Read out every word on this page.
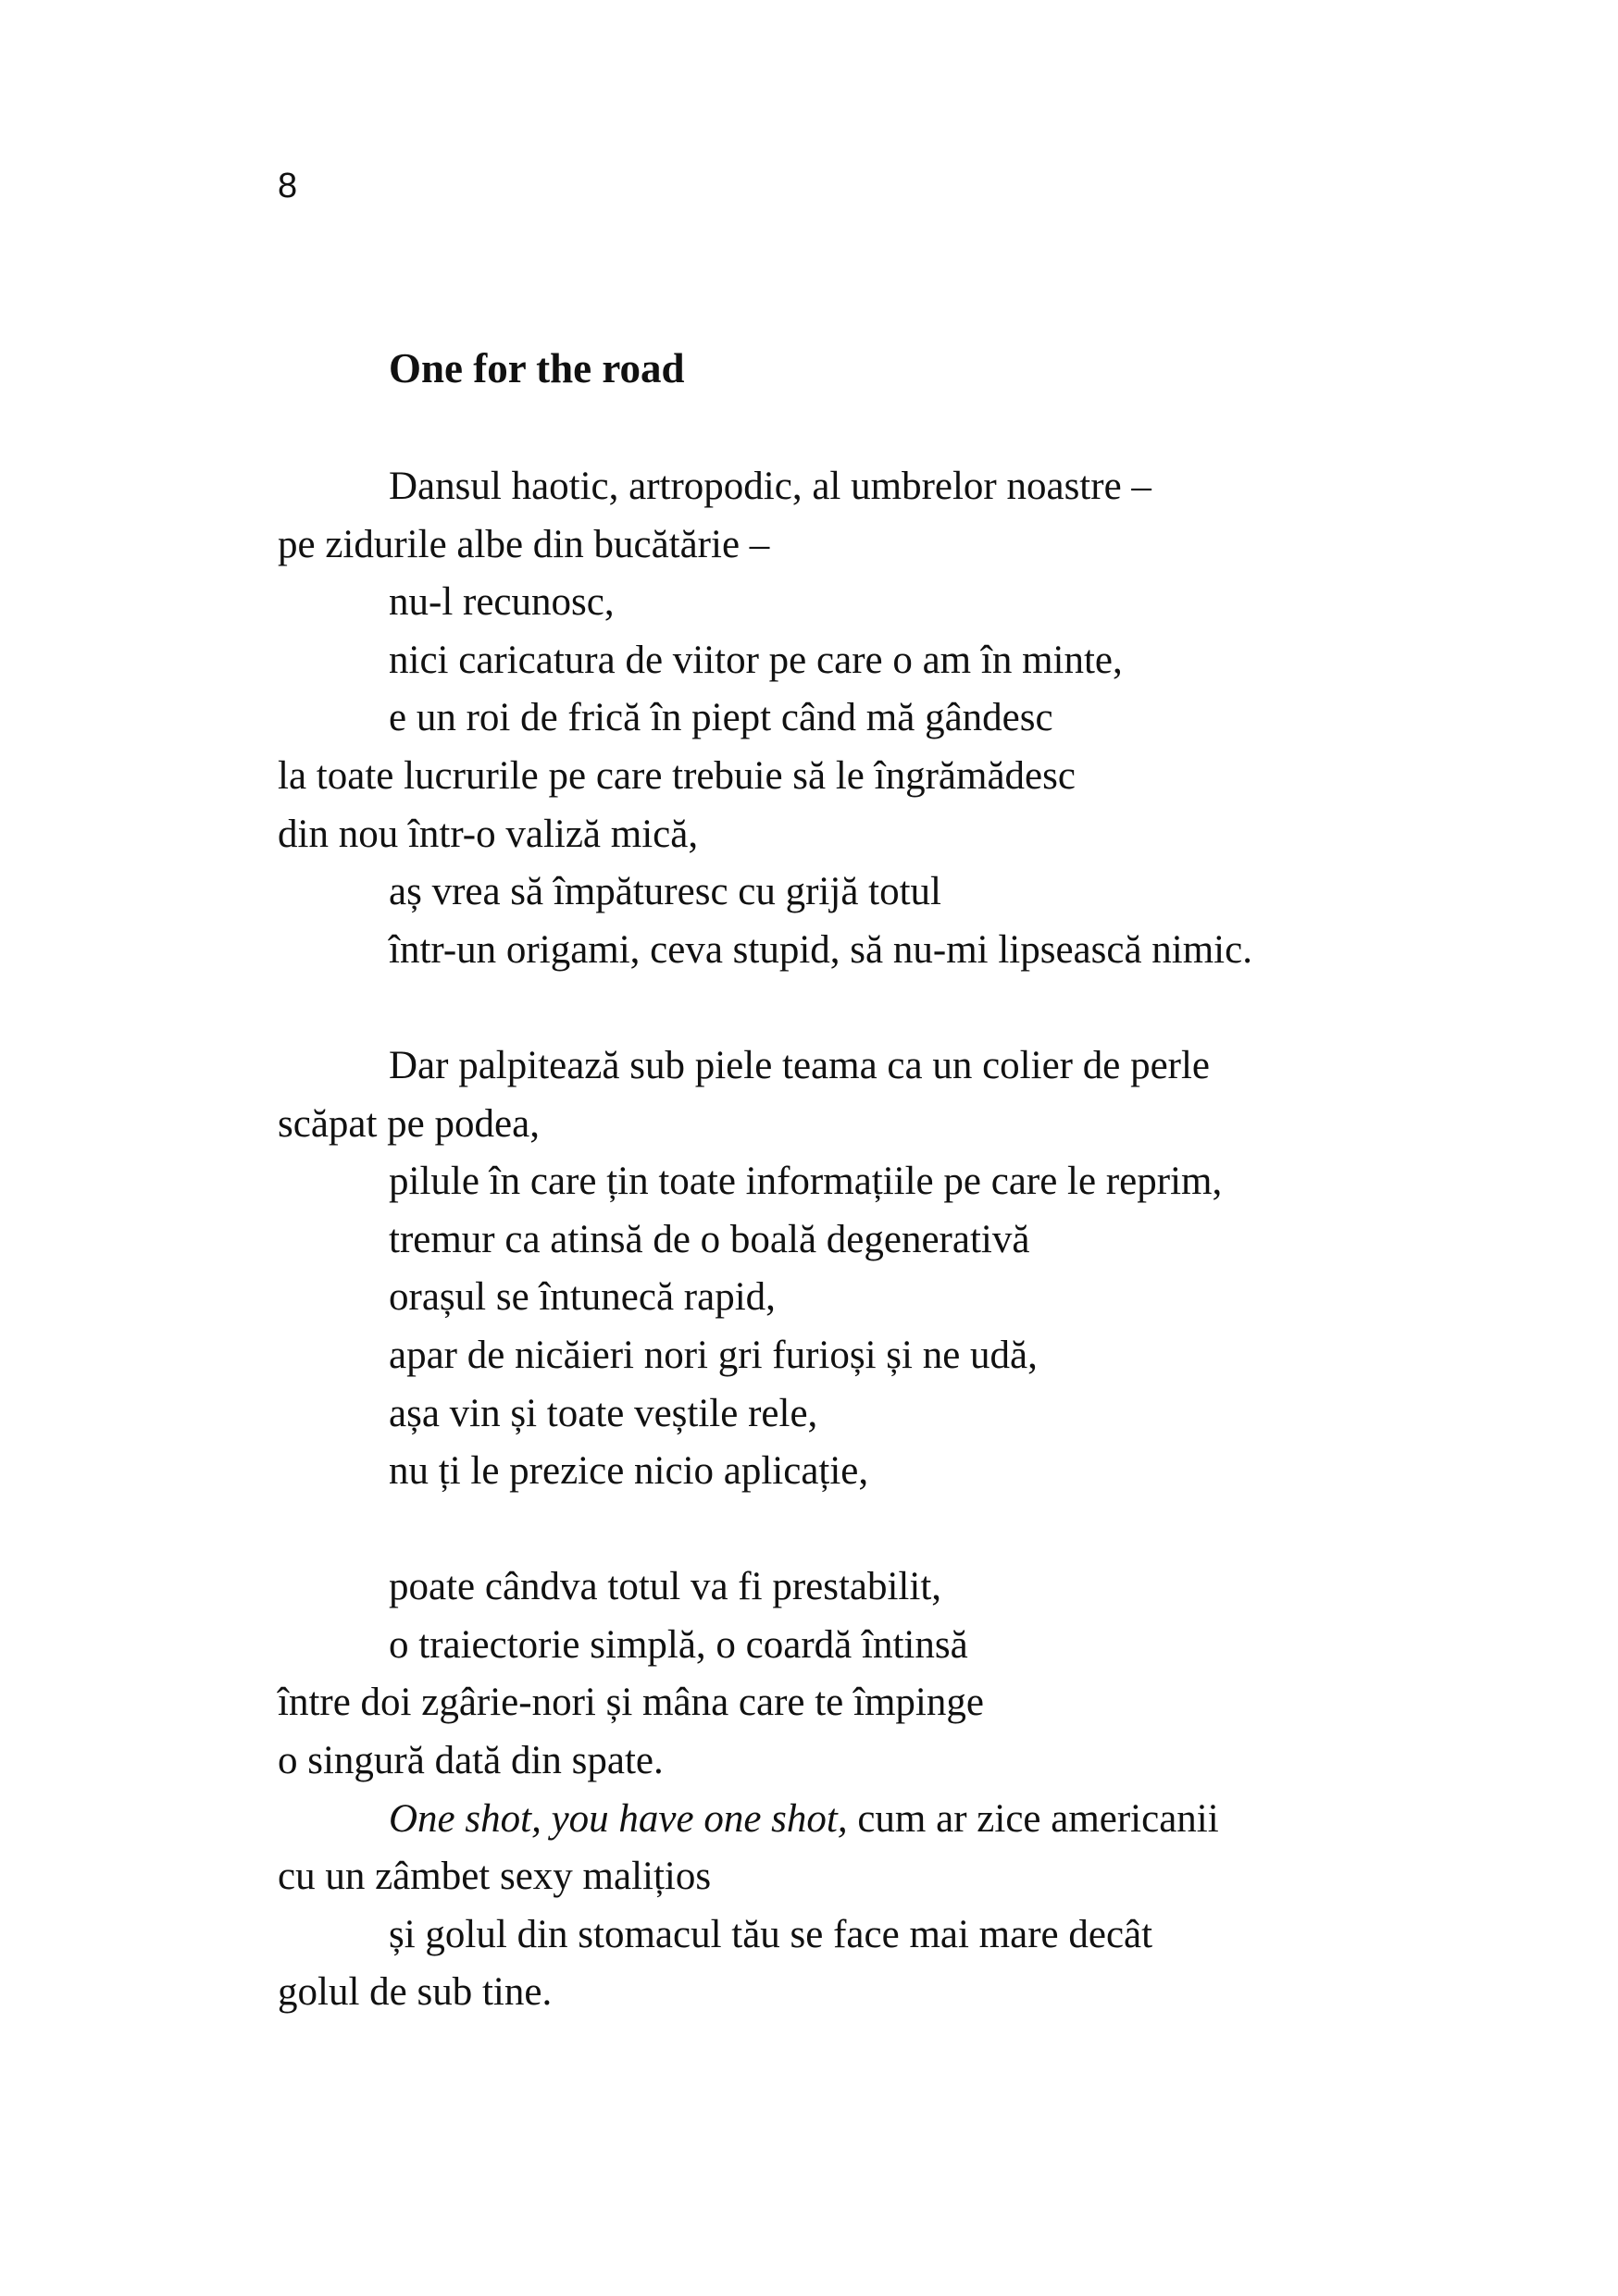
8
One for the road
Dansul haotic, artropodic, al umbrelor noastre –
pe zidurile albe din bucătărie –
nu-l recunosc,
nici caricatura de viitor pe care o am în minte,
e un roi de frică în piept când mă gândesc
la toate lucrurile pe care trebuie să le îngrămădesc
din nou într-o valiză mică,
aș vrea să împăturesc cu grijă totul
într-un origami, ceva stupid, să nu-mi lipsească nimic.
Dar palpitează sub piele teama ca un colier de perle
scăpat pe podea,
pilule în care țin toate informațiile pe care le reprim,
tremur ca atinsă de o boală degenerativă
orașul se întunecă rapid,
apar de nicăieri nori gri furioși și ne udă,
așa vin și toate veștile rele,
nu ți le prezice nicio aplicație,
poate cândva totul va fi prestabilit,
o traiectorie simplă, o coardă întinsă
între doi zgârie-nori și mâna care te împinge
o singură dată din spate.
One shot, you have one shot, cum ar zice americanii
cu un zâmbet sexy malițios
și golul din stomacul tău se face mai mare decât
golul de sub tine.
